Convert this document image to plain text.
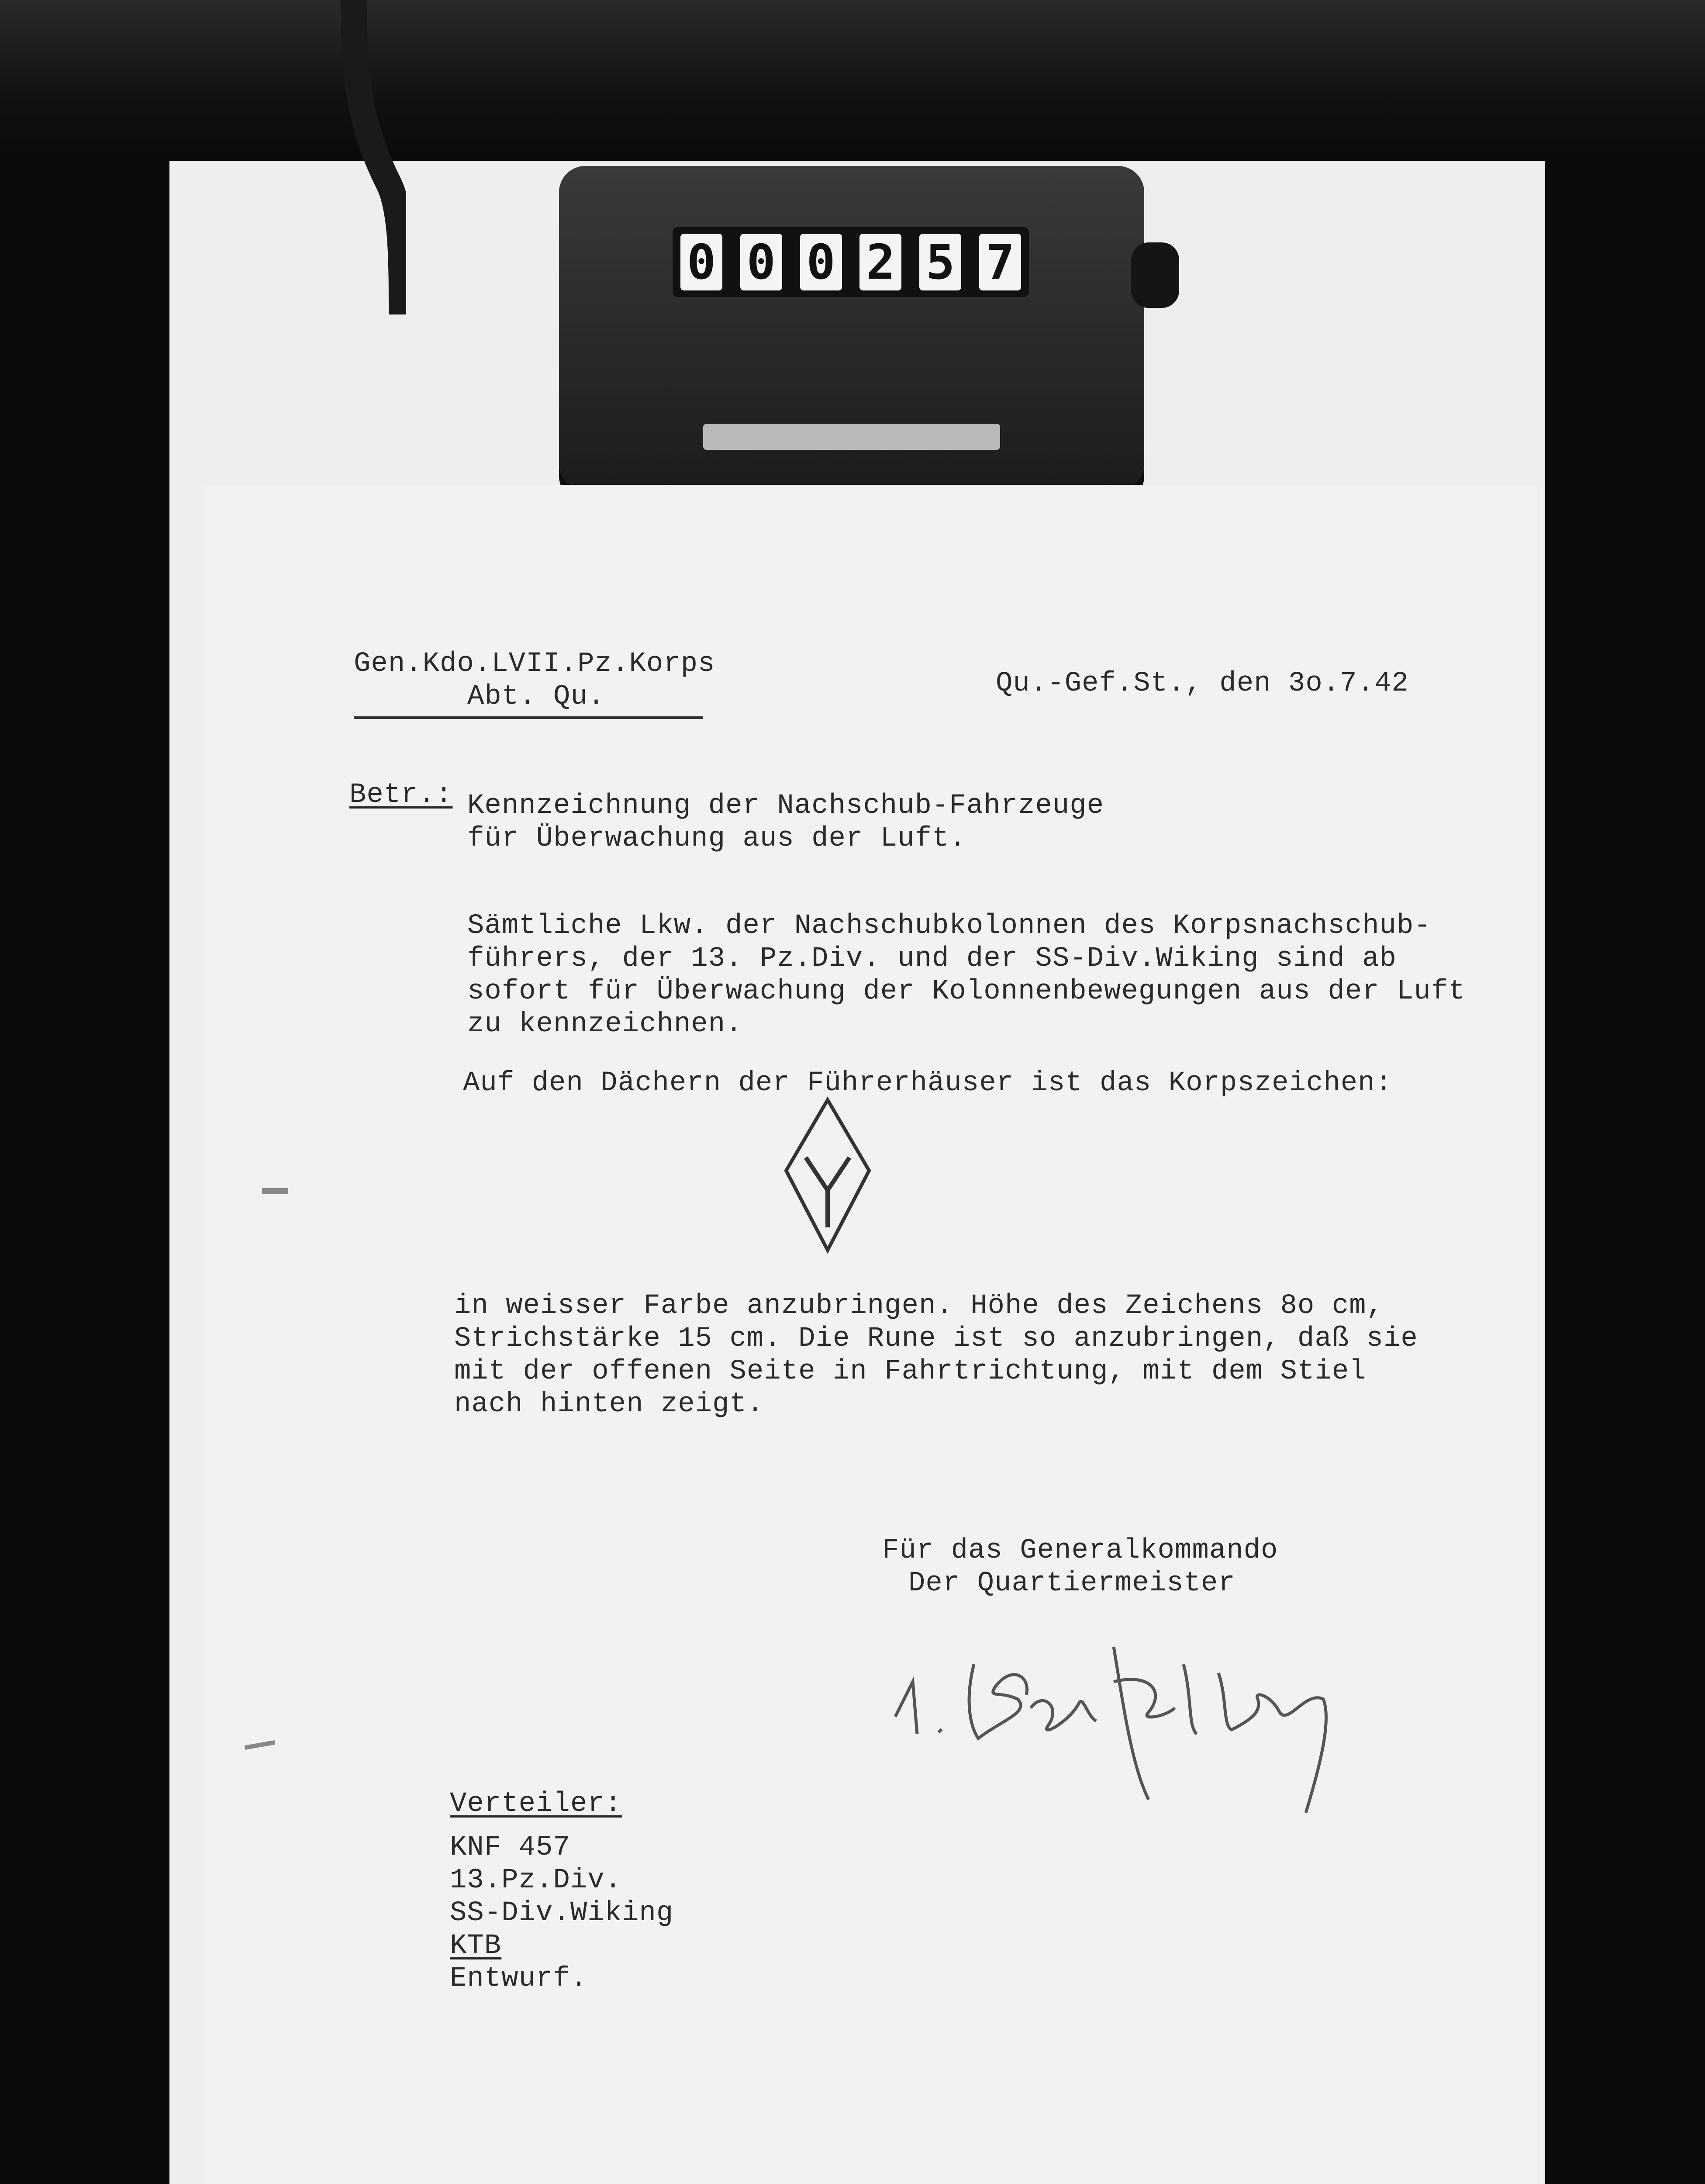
0 0 0 2 5 7
Gen.Kdo.LVII.Pz.Korps
Abt. Qu.	Qu.-Gef.St., den 3o.7.42
Betr.: Kennzeichnung der Nachschub-Fahrzeuge
für Überwachung aus der Luft.
Sämtliche Lkw. der Nachschubkolonnen des Korpsnachschub-
führers, der 13. Pz.Div. und der SS-Div.Wiking sind ab
sofort für Überwachung der Kolonnenbewegungen aus der Luft
zu kennzeichnen.
Auf den Dächern der Führerhäuser ist das Korpszeichen:
in weisser Farbe anzubringen. Höhe des Zeichens 8o cm,
Strichstärke 15 cm. Die Rune ist so anzubringen, daß sie
mit der offenen Seite in Fahrtrichtung, mit dem Stiel
nach hinten zeigt.
Für das Generalkommando
Der Quartiermeister
Verteiler:
KNF 457
13.Pz.Div.
SS-Div.Wiking
KTB
Entwurf.
